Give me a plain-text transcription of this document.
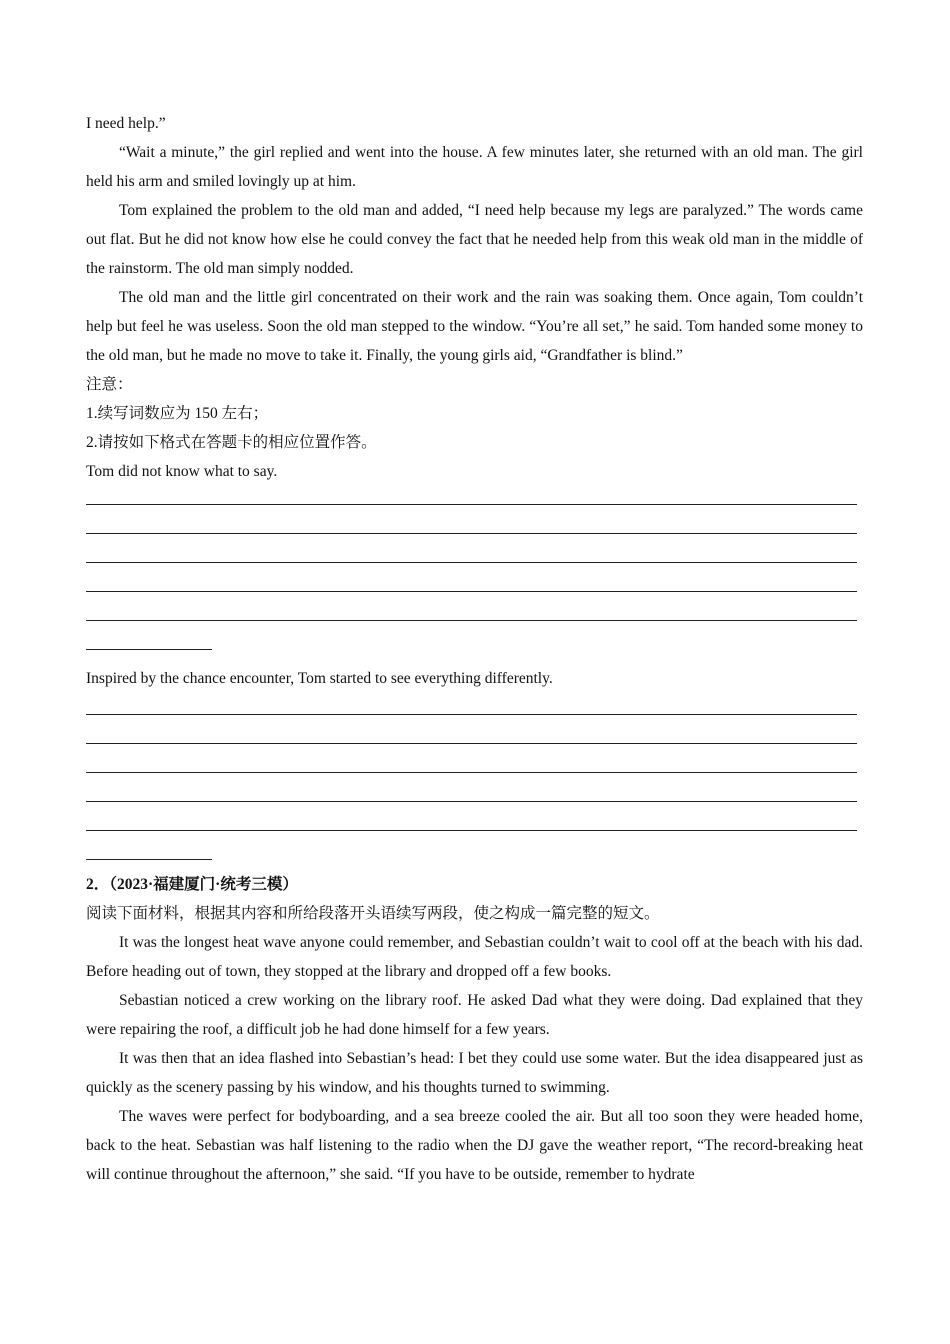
I need help.”

“Wait a minute,” the girl replied and went into the house. A few minutes later, she returned with an old man. The girl held his arm and smiled lovingly up at him.

Tom explained the problem to the old man and added, “I need help because my legs are paralyzed.” The words came out flat. But he did not know how else he could convey the fact that he needed help from this weak old man in the middle of the rainstorm. The old man simply nodded.

The old man and the little girl concentrated on their work and the rain was soaking them. Once again, Tom couldn’t help but feel he was useless. Soon the old man stepped to the window. “You’re all set,” he said. Tom handed some money to the old man, but he made no move to take it. Finally, the young girls aid, “Grandfather is blind.”

注意：

1.续写词数应为 150 左右；

2.请按如下格式在答题卡的相应位置作答。

Tom did not know what to say.

Inspired by the chance encounter, Tom started to see everything differently.

2．（2023·福建厦门·统考三模）

阅读下面材料，根据其内容和所给段落开头语续写两段，使之构成一篇完整的短文。

It was the longest heat wave anyone could remember, and Sebastian couldn’t wait to cool off at the beach with his dad. Before heading out of town, they stopped at the library and dropped off a few books.

Sebastian noticed a crew working on the library roof. He asked Dad what they were doing. Dad explained that they were repairing the roof, a difficult job he had done himself for a few years.

It was then that an idea flashed into Sebastian’s head: I bet they could use some water. But the idea disappeared just as quickly as the scenery passing by his window, and his thoughts turned to swimming.

The waves were perfect for bodyboarding, and a sea breeze cooled the air. But all too soon they were headed home, back to the heat. Sebastian was half listening to the radio when the DJ gave the weather report, “The record-breaking heat will continue throughout the afternoon,” she said. “If you have to be outside, remember to hydrate
